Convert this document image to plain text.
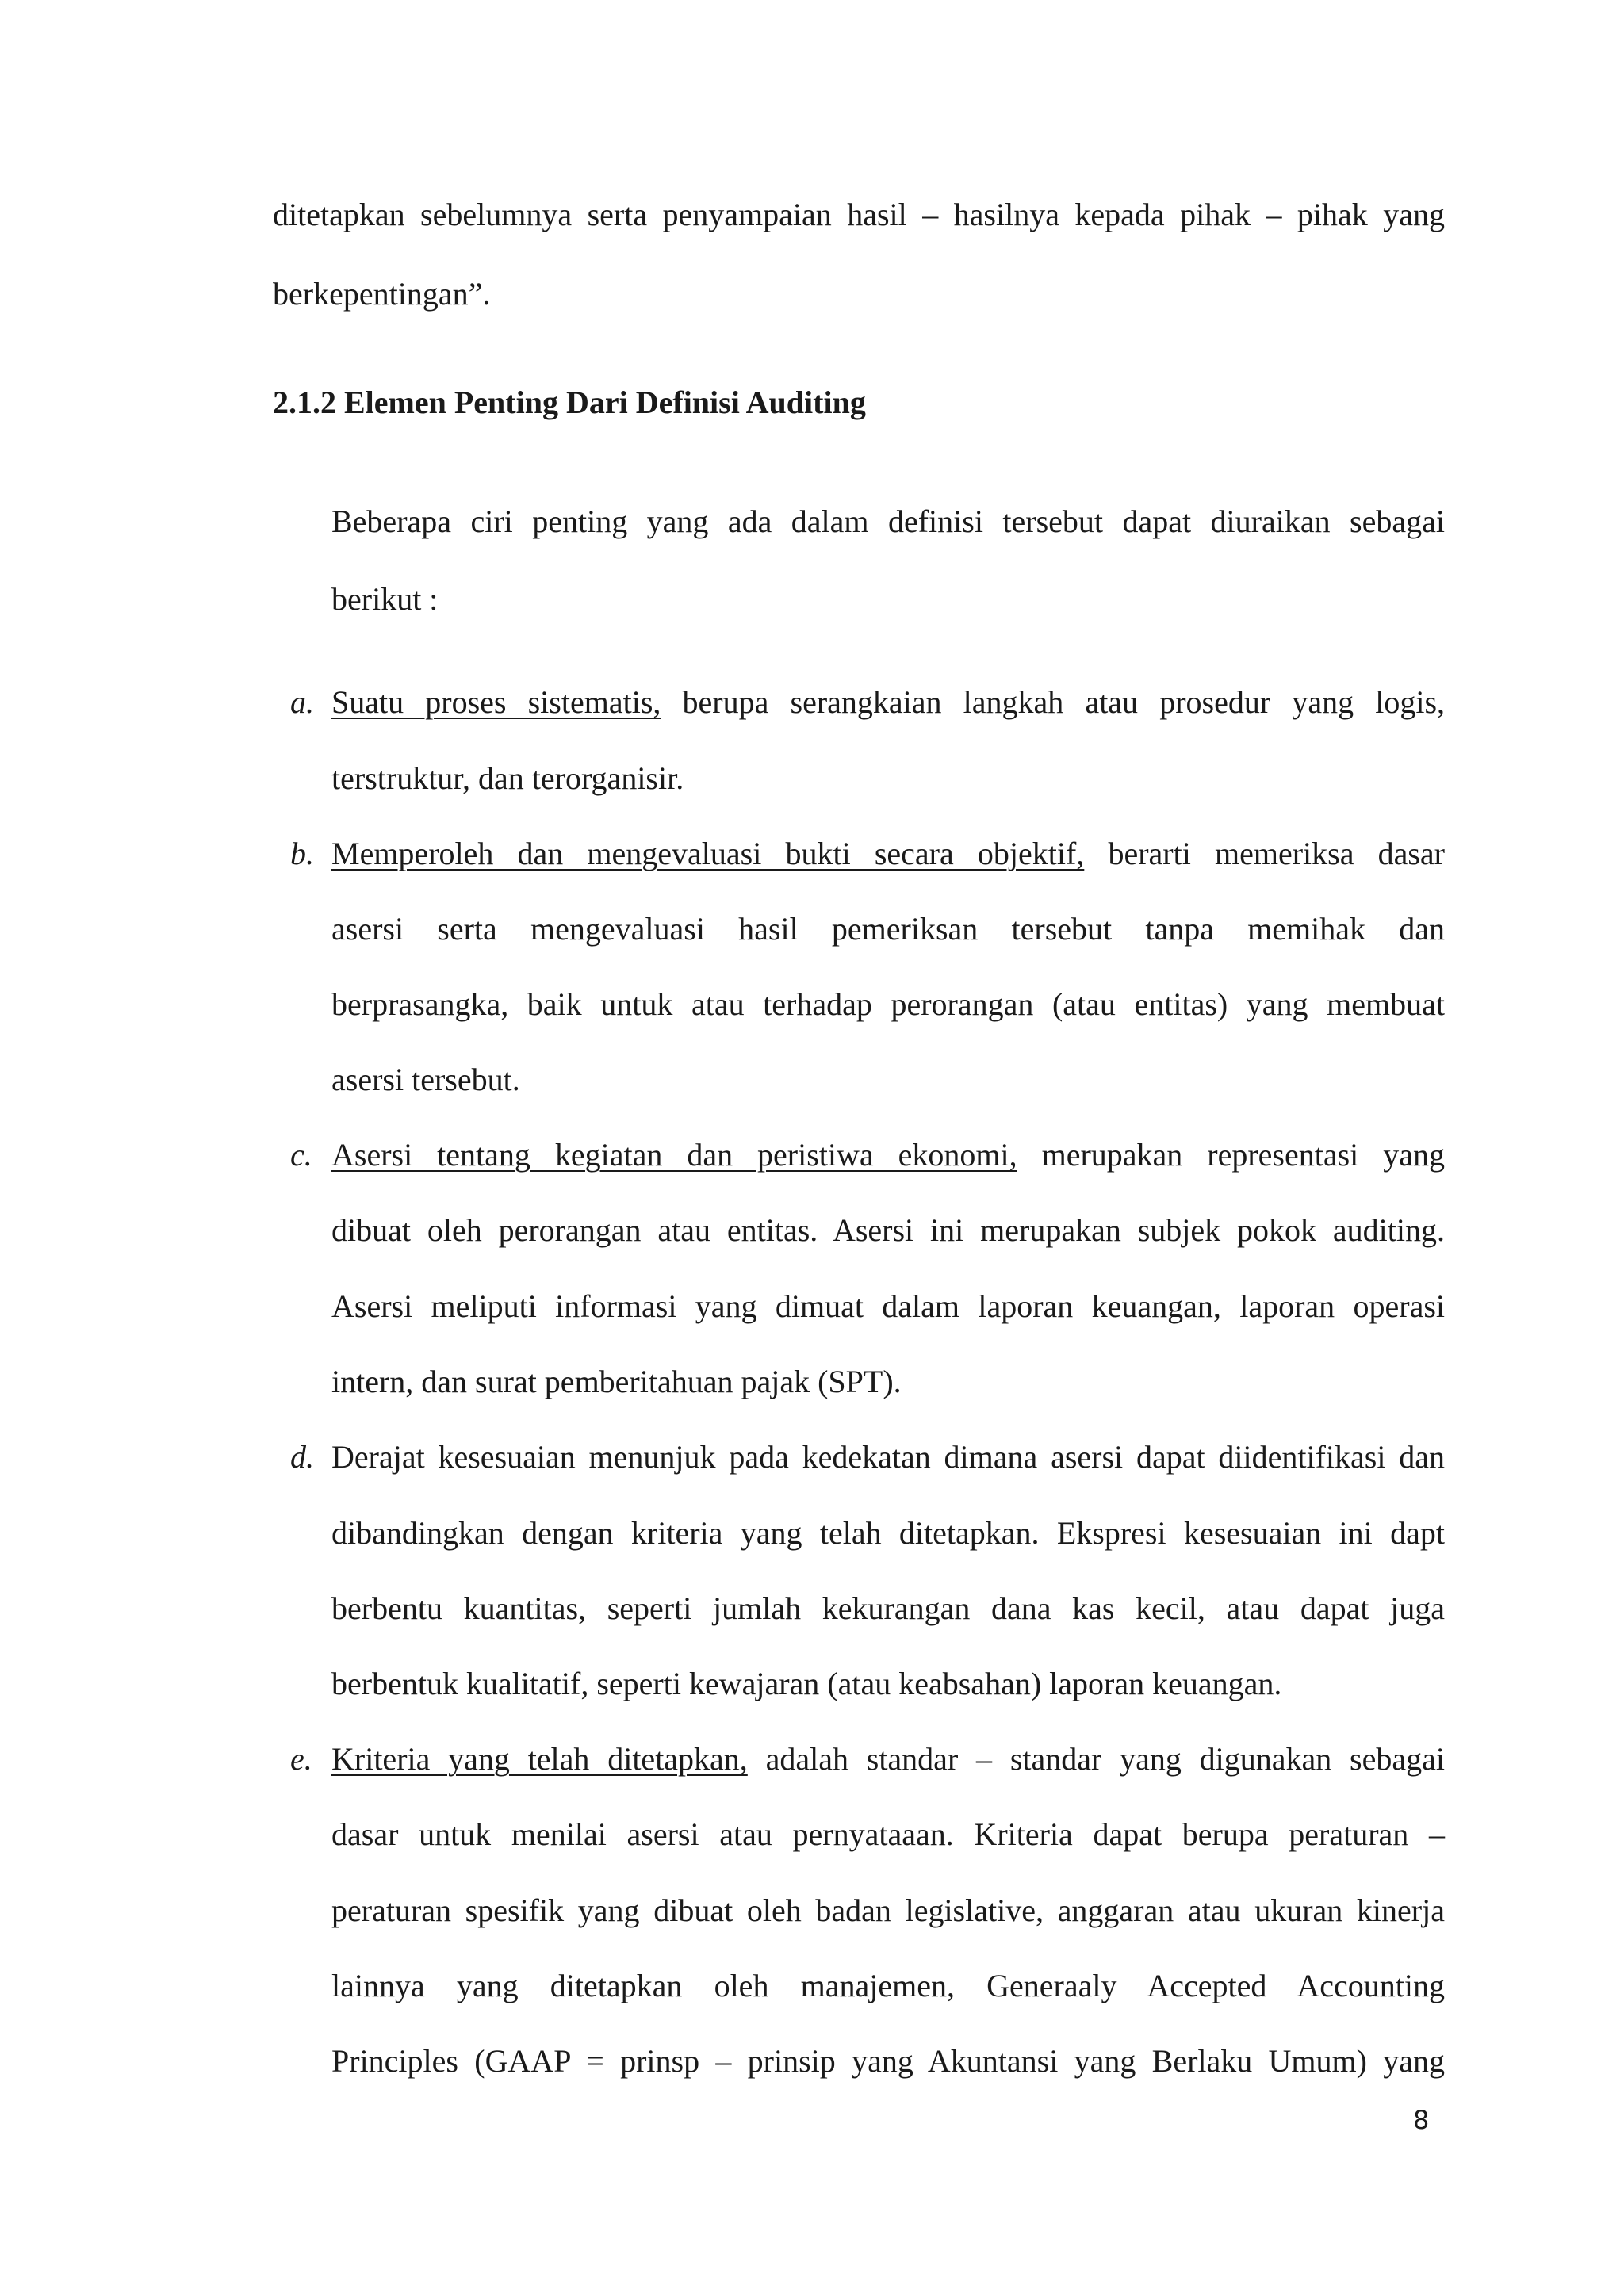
ditetapkan sebelumnya serta penyampaian hasil – hasilnya kepada pihak – pihak yang
berkepentingan”.
2.1.2 Elemen Penting Dari Definisi Auditing
Beberapa ciri penting yang ada dalam definisi tersebut dapat diuraikan sebagai
berikut :
a. Suatu proses sistematis, berupa serangkaian langkah atau prosedur yang logis,
terstruktur, dan terorganisir.
b. Memperoleh dan mengevaluasi bukti secara objektif, berarti memeriksa dasar
asersi serta mengevaluasi hasil pemeriksan tersebut tanpa memihak dan
berprasangka, baik untuk atau terhadap perorangan (atau entitas) yang membuat
asersi tersebut.
c. Asersi tentang kegiatan dan peristiwa ekonomi, merupakan representasi yang
dibuat oleh perorangan atau entitas. Asersi ini merupakan subjek pokok auditing.
Asersi meliputi informasi yang dimuat dalam laporan keuangan, laporan operasi
intern, dan surat pemberitahuan pajak (SPT).
d. Derajat kesesuaian menunjuk pada kedekatan dimana asersi dapat diidentifikasi dan
dibandingkan dengan kriteria yang telah ditetapkan. Ekspresi kesesuaian ini dapt
berbentu kuantitas, seperti jumlah kekurangan dana kas kecil, atau dapat juga
berbentuk kualitatif, seperti kewajaran (atau keabsahan) laporan keuangan.
e. Kriteria yang telah ditetapkan, adalah standar – standar yang digunakan sebagai
dasar untuk menilai asersi atau pernyataaan. Kriteria dapat berupa peraturan –
peraturan spesifik yang dibuat oleh badan legislative, anggaran atau ukuran kinerja
lainnya yang ditetapkan oleh manajemen, Generaaly Accepted Accounting
Principles (GAAP = prinsp – prinsip yang Akuntansi yang Berlaku Umum) yang
8
